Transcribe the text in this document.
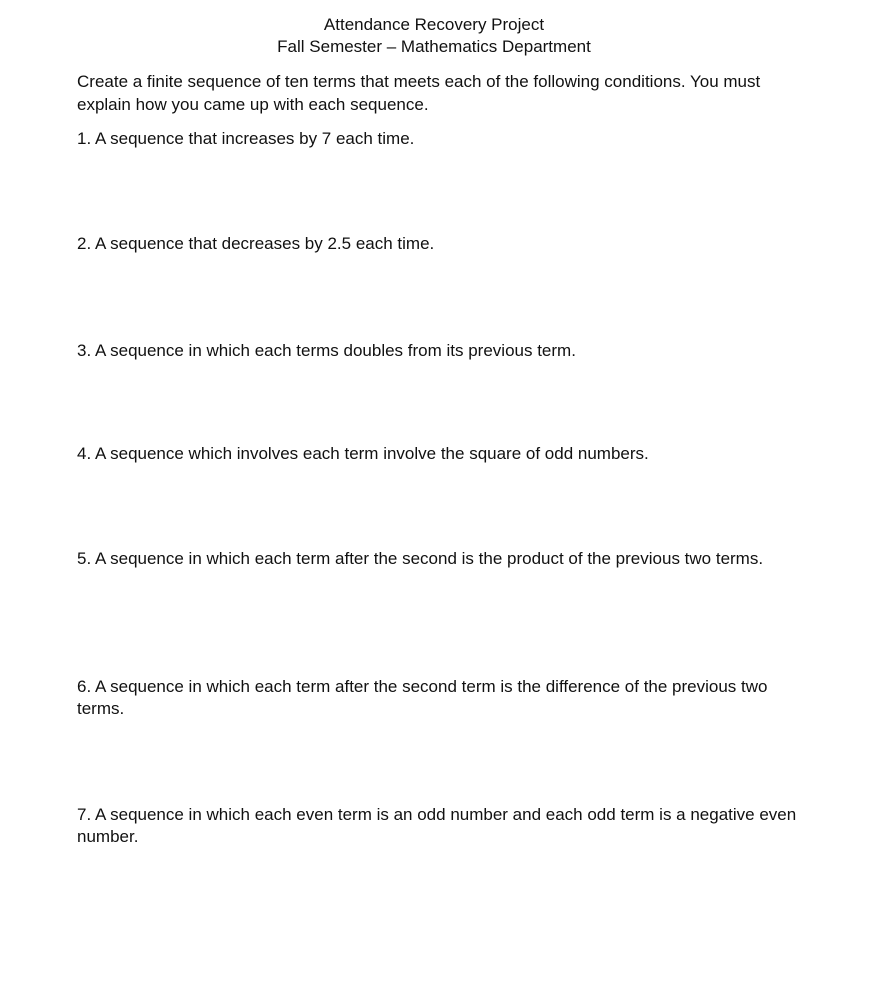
Attendance Recovery Project
Fall Semester – Mathematics Department
Create a finite sequence of ten terms that meets each of the following conditions. You must explain how you came up with each sequence.
1. A sequence that increases by 7 each time.
2. A sequence that decreases by 2.5 each time.
3. A sequence in which each terms doubles from its previous term.
4. A sequence which involves each term involve the square of odd numbers.
5. A sequence in which each term after the second is the product of the previous two terms.
6. A sequence in which each term after the second term is the difference of the previous two terms.
7. A sequence in which each even term is an odd number and each odd term is a negative even number.
